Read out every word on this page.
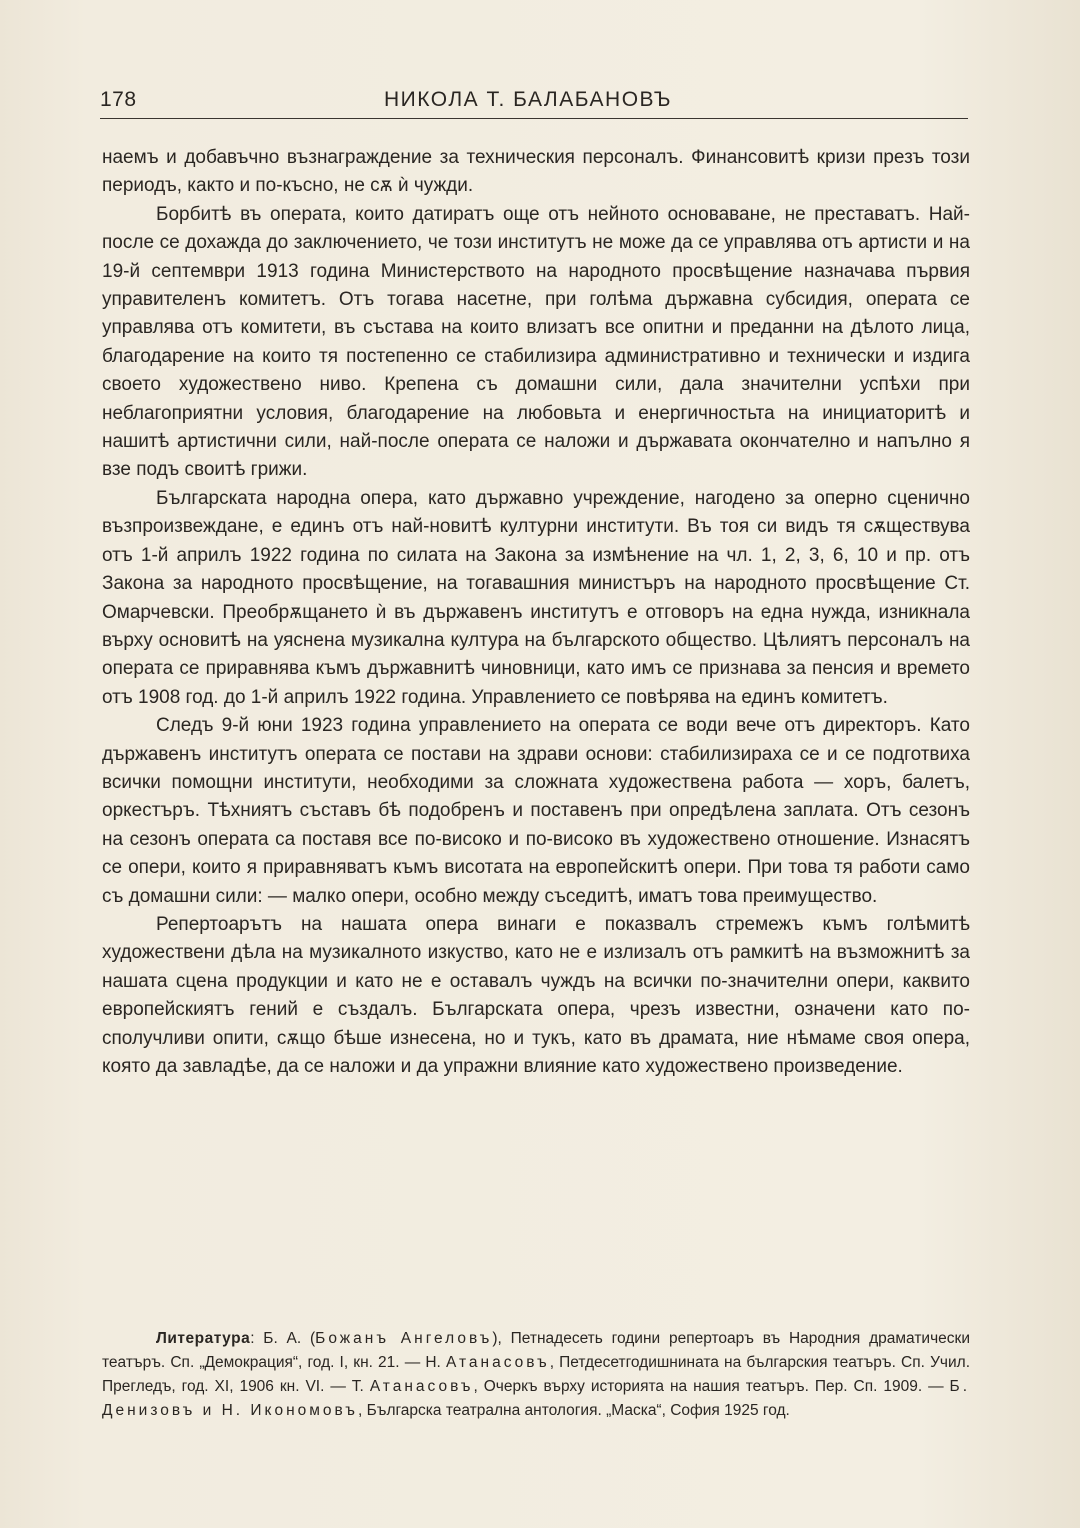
178	НИКОЛА Т. БАЛАБАНОВЪ

наемъ и добавъчно възнаграждение за техническия персоналъ. Финансовитѣ кризи презъ този периодъ, както и по-късно, не сѫ ѝ чужди.

Борбитѣ въ операта, които датиратъ още отъ нейното основаване, не преставатъ. Най-после се дохажда до заключението, че този институтъ не може да се управлява отъ артисти и на 19-й септември 1913 година Министерството на народното просвѣщение назначава първия управителенъ комитетъ. Отъ тогава насетне, при голѣма държавна субсидия, операта се управлява отъ комитети, въ състава на които влизатъ все опитни и преданни на дѣлото лица, благодарение на които тя постепенно се стабилизира административно и технически и издига своето художествено ниво. Крепена съ домашни сили, дала значителни успѣхи при неблагоприятни условия, благодарение на любовьта и енергичностьта на инициаторитѣ и нашитѣ артистични сили, най-после операта се наложи и държавата окончателно и напълно я взе подъ своитѣ грижи.

Българската народна опера, като държавно учреждение, нагодено за оперно сценично възпроизвеждане, е единъ отъ най-новитѣ културни институти. Въ тоя си видъ тя сѫществува отъ 1-й априлъ 1922 година по силата на Закона за измѣнение на чл. 1, 2, 3, 6, 10 и пр. отъ Закона за народното просвѣщение, на тогавашния министъръ на народното просвѣщение Ст. Омарчевски. Преобрѫщането ѝ въ държавенъ институтъ е отговоръ на една нужда, изникнала върху основитѣ на уяснена музикална култура на българското общество. Цѣлиятъ персоналъ на операта се приравнява къмъ държавнитѣ чиновници, като имъ се признава за пенсия и времето отъ 1908 год. до 1-й априлъ 1922 година. Управлението се повѣрява на единъ комитетъ.

Следъ 9-й юни 1923 година управлението на операта се води вече отъ директоръ. Като държавенъ институтъ операта се постави на здрави основи: стабилизираха се и се подготвиха всички помощни институти, необходими за сложната художествена работа — хоръ, балетъ, оркестъръ. Тѣхниятъ съставъ бѣ подобренъ и поставенъ при опредѣлена заплата. Отъ сезонъ на сезонъ операта са поставя все по-високо и по-високо въ художествено отношение. Изнасятъ се опери, които я приравняватъ къмъ висотата на европейскитѣ опери. При това тя работи само съ домашни сили: — малко опери, особно между съседитѣ, иматъ това преимущество.

Репертоарътъ на нашата опера винаги е показвалъ стремежъ къмъ голѣмитѣ художествени дѣла на музикалното изкуство, като не е излизалъ отъ рамкитѣ на възможнитѣ за нашата сцена продукции и като не е оставалъ чуждъ на всички по-значителни опери, каквито европейскиятъ гений е създалъ. Българската опера, чрезъ известни, означени като по-сполучливи опити, сѫщо бѣше изнесена, но и тукъ, като въ драмата, ние нѣмаме своя опера, която да завладѣе, да се наложи и да упражни влияние като художествено произведение.

Литература: Б. А. (Божанъ Ангеловъ), Петнадесеть години репертоаръ въ Народния драматически театъръ. Сп. „Демокрация“, год. I, кн. 21. — Н. Атанасовъ, Петдесетгодишнината на българския театъръ. Сп. Учил. Прегледъ, год. XI, 1906 кн. VI. — Т. Атанасовъ, Очеркъ върху историята на нашия театъръ. Пер. Сп. 1909. — Б. Денизовъ и Н. Икономовъ, Българска театрална антология. „Маска“, София 1925 год.
